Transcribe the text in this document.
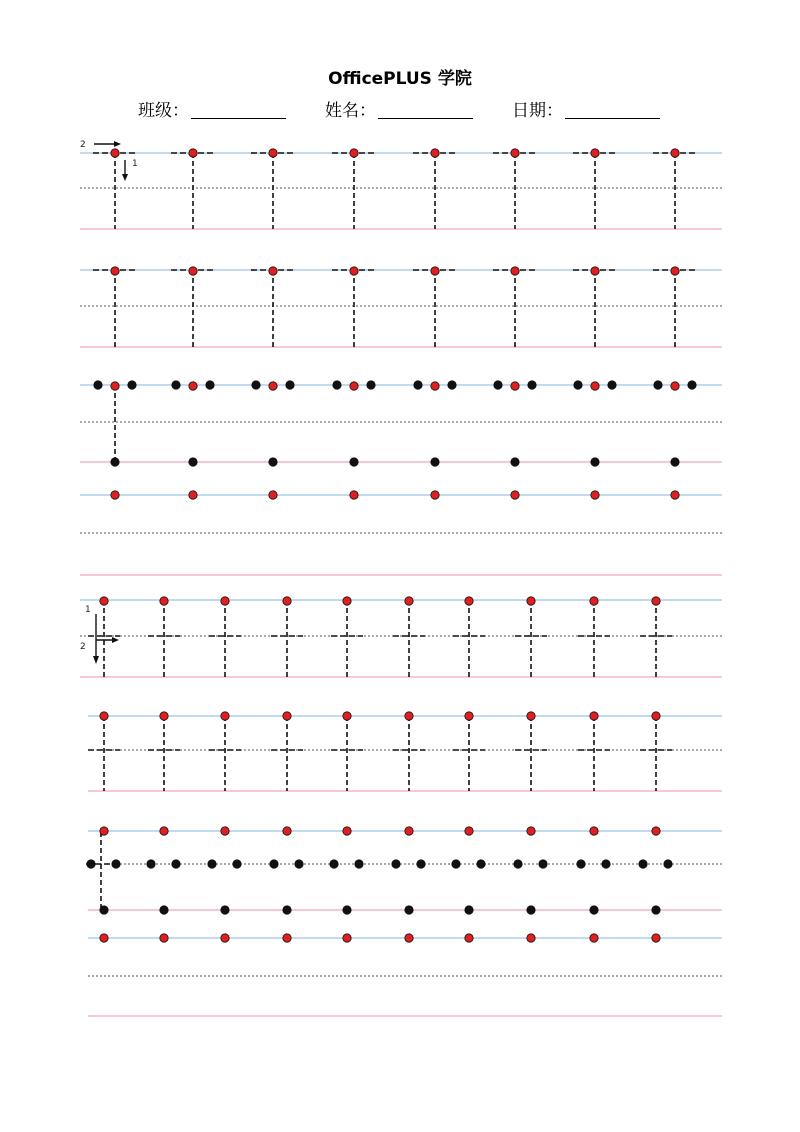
OfficePLUS 学院
班级：	姓名：	日期：
2
1
1
2
